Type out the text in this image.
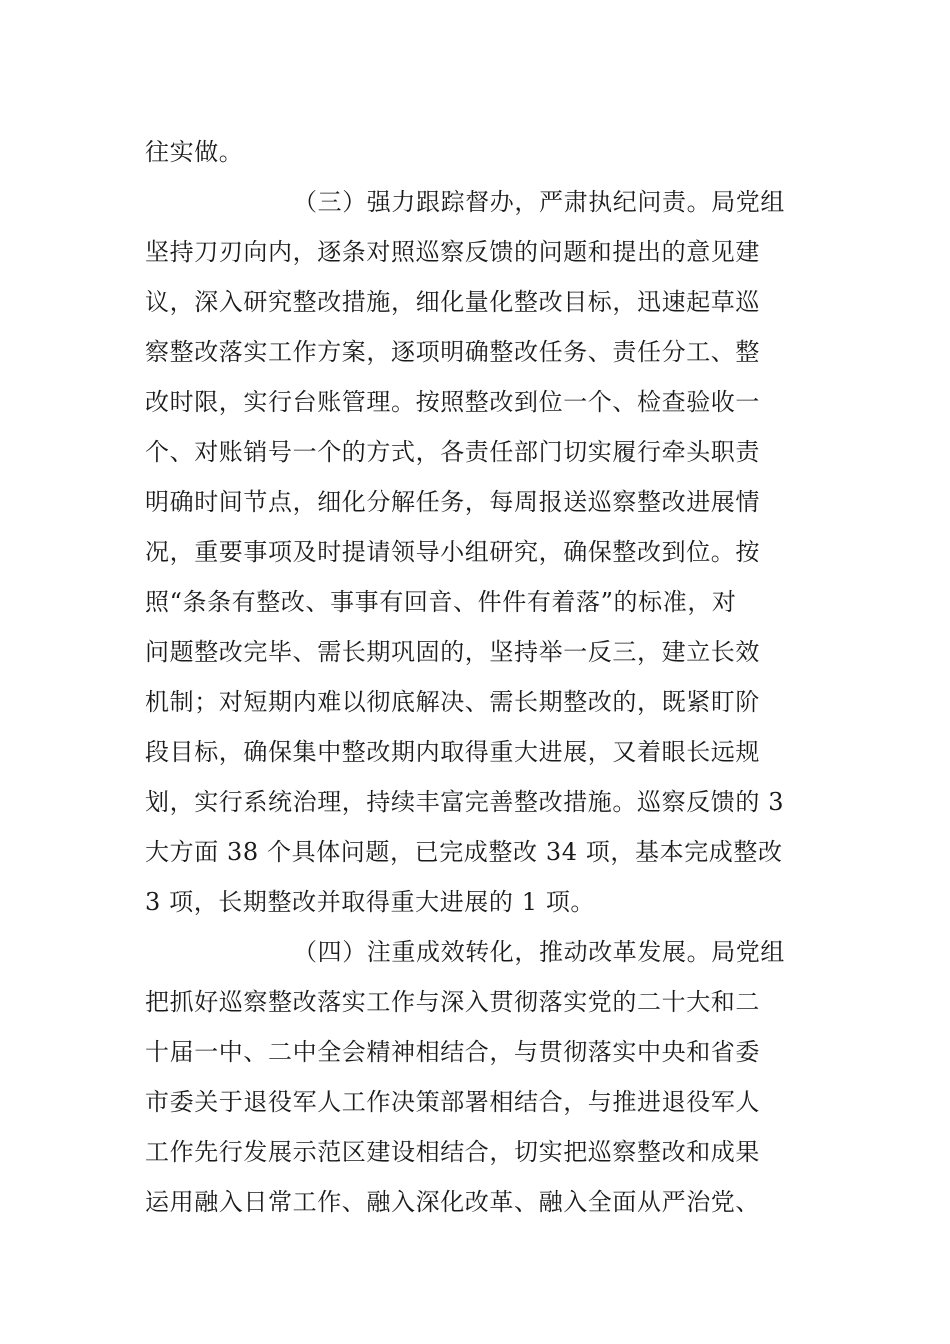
往实做。

（三）强力跟踪督办，严肃执纪问责。局党组

坚持刀刃向内，逐条对照巡察反馈的问题和提出的意见建

议，深入研究整改措施，细化量化整改目标，迅速起草巡

察整改落实工作方案，逐项明确整改任务、责任分工、整

改时限，实行台账管理。按照整改到位一个、检查验收一

个、对账销号一个的方式，各责任部门切实履行牵头职责

明确时间节点，细化分解任务，每周报送巡察整改进展情

况，重要事项及时提请领导小组研究，确保整改到位。按

照“条条有整改、事事有回音、件件有着落”的标准，对

问题整改完毕、需长期巩固的，坚持举一反三，建立长效

机制；对短期内难以彻底解决、需长期整改的，既紧盯阶

段目标，确保集中整改期内取得重大进展，又着眼长远规

划，实行系统治理，持续丰富完善整改措施。巡察反馈的 3

大方面 38 个具体问题，已完成整改 34 项，基本完成整改

3 项，长期整改并取得重大进展的 1 项。

（四）注重成效转化，推动改革发展。局党组

把抓好巡察整改落实工作与深入贯彻落实党的二十大和二

十届一中、二中全会精神相结合，与贯彻落实中央和省委

市委关于退役军人工作决策部署相结合，与推进退役军人

工作先行发展示范区建设相结合，切实把巡察整改和成果

运用融入日常工作、融入深化改革、融入全面从严治党、
